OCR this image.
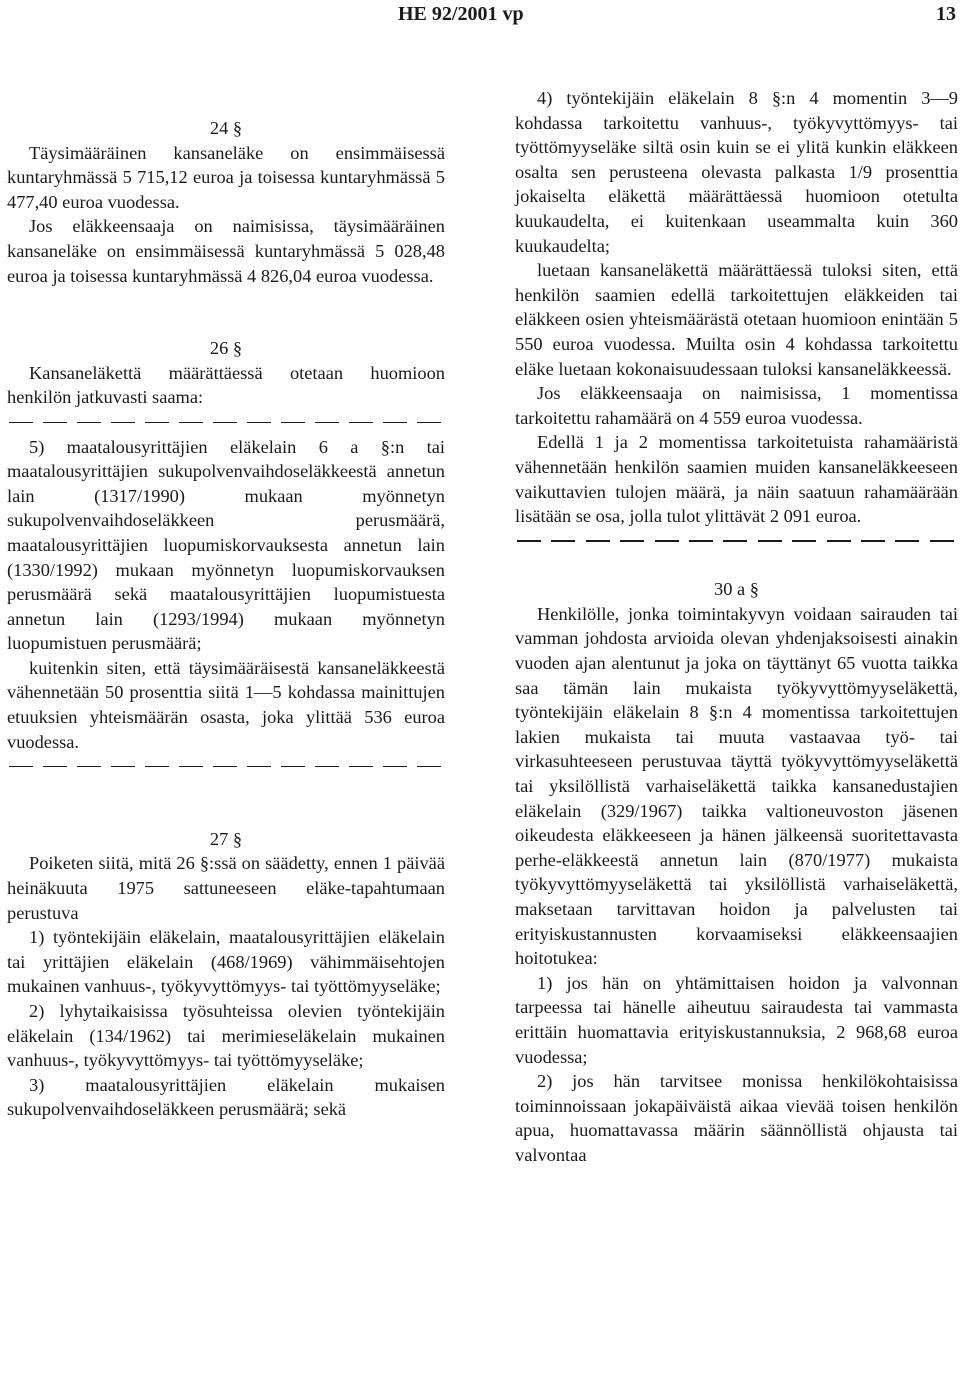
HE 92/2001 vp	13

24 §

Täysimääräinen kansaneläke on ensimmäisessä kuntaryhmässä 5 715,12 euroa ja toisessa kuntaryhmässä 5 477,40 euroa vuodessa.

Jos eläkkeensaaja on naimisissa, täysimääräinen kansaneläke on ensimmäisessä kuntaryhmässä 5 028,48 euroa ja toisessa kuntaryhmässä 4 826,04 euroa vuodessa.

26 §

Kansaneläkettä määrättäessä otetaan huomioon henkilön jatkuvasti saama:

5) maatalousyrittäjien eläkelain 6 a §:n tai maatalousyrittäjien sukupolvenvaihdoseläkkeestä annetun lain (1317/1990) mukaan myönnetyn sukupolvenvaihdoseläkkeen perusmäärä, maatalousyrittäjien luopumiskorvauksesta annetun lain (1330/1992) mukaan myönnetyn luopumiskorvauksen perusmäärä sekä maatalousyrittäjien luopumistuesta annetun lain (1293/1994) mukaan myönnetyn luopumistuen perusmäärä;

kuitenkin siten, että täysimääräisestä kansaneläkkeestä vähennetään 50 prosenttia siitä 1—5 kohdassa mainittujen etuuksien yhteismäärän osasta, joka ylittää 536 euroa vuodessa.

27 §

Poiketen siitä, mitä 26 §:ssä on säädetty, ennen 1 päivää heinäkuuta 1975 sattuneeseen eläke-tapahtumaan perustuva

1) työntekijäin eläkelain, maatalousyrittäjien eläkelain tai yrittäjien eläkelain (468/1969) vähimmäisehtojen mukainen vanhuus-, työkyvyttömyys- tai työttömyyseläke;

2) lyhytaikaisissa työsuhteissa olevien työntekijäin eläkelain (134/1962) tai merimieseläkelain mukainen vanhuus-, työkyvyttömyys- tai työttömyyseläke;

3) maatalousyrittäjien eläkelain mukaisen sukupolvenvaihdoseläkkeen perusmäärä; sekä

4) työntekijäin eläkelain 8 §:n 4 momentin 3—9 kohdassa tarkoitettu vanhuus-, työkyvyttömyys- tai työttömyyseläke siltä osin kuin se ei ylitä kunkin eläkkeen osalta sen perusteena olevasta palkasta 1/9 prosenttia jokaiselta eläkettä määrättäessä huomioon otetulta kuukaudelta, ei kuitenkaan useammalta kuin 360 kuukaudelta;

luetaan kansaneläkettä määrättäessä tuloksi siten, että henkilön saamien edellä tarkoitettujen eläkkeiden tai eläkkeen osien yhteismäärästä otetaan huomioon enintään 5 550 euroa vuodessa. Muilta osin 4 kohdassa tarkoitettu eläke luetaan kokonaisuudessaan tuloksi kansaneläkkeessä.

Jos eläkkeensaaja on naimisissa, 1 momentissa tarkoitettu rahamäärä on 4 559 euroa vuodessa.

Edellä 1 ja 2 momentissa tarkoitetuista rahamääristä vähennetään henkilön saamien muiden kansaneläkkeeseen vaikuttavien tulojen määrä, ja näin saatuun rahamäärään lisätään se osa, jolla tulot ylittävät 2 091 euroa.

30 a §

Henkilölle, jonka toimintakyvyn voidaan sairauden tai vamman johdosta arvioida olevan yhdenjaksoisesti ainakin vuoden ajan alentunut ja joka on täyttänyt 65 vuotta taikka saa tämän lain mukaista työkyvyttömyyseläkettä, työntekijäin eläkelain 8 §:n 4 momentissa tarkoitettujen lakien mukaista tai muuta vastaavaa työ- tai virkasuhteeseen perustuvaa täyttä työkyvyttömyyseläkettä tai yksilöllistä varhaiseläkettä taikka kansanedustajien eläkelain (329/1967) taikka valtioneuvoston jäsenen oikeudesta eläkkeeseen ja hänen jälkeensä suoritettavasta perhe-eläkkeestä annetun lain (870/1977) mukaista työkyvyttömyyseläkettä tai yksilöllistä varhaiseläkettä, maksetaan tarvittavan hoidon ja palvelusten tai erityiskustannusten korvaamiseksi eläkkeensaajien hoitotukea:

1) jos hän on yhtämittaisen hoidon ja valvonnan tarpeessa tai hänelle aiheutuu sairaudesta tai vammasta erittäin huomattavia erityiskustannuksia, 2 968,68 euroa vuodessa;

2) jos hän tarvitsee monissa henkilökohtaisissa toiminnoissaan jokapäiväistä aikaa vievää toisen henkilön apua, huomattavassa määrin säännöllistä ohjausta tai valvontaa
